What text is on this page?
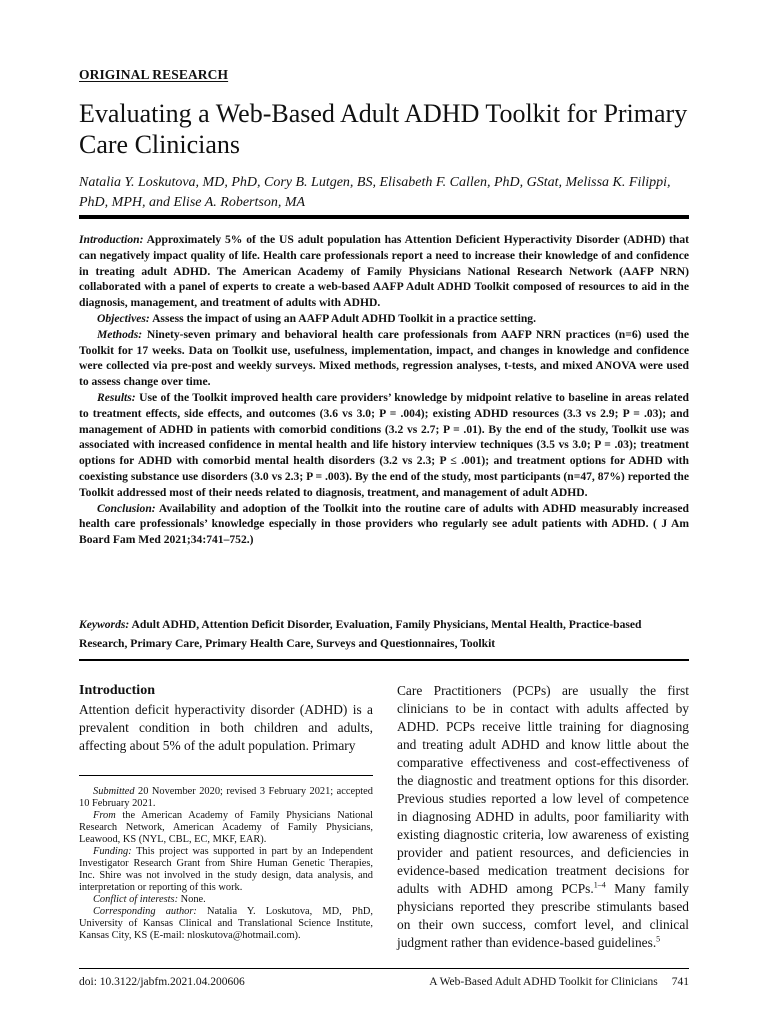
ORIGINAL RESEARCH
Evaluating a Web-Based Adult ADHD Toolkit for Primary Care Clinicians

Natalia Y. Loskutova, MD, PhD, Cory B. Lutgen, BS, Elisabeth F. Callen, PhD, GStat, Melissa K. Filippi, PhD, MPH, and Elise A. Robertson, MA

Introduction: Approximately 5% of the US adult population has Attention Deficient Hyperactivity Disorder (ADHD) that can negatively impact quality of life. Health care professionals report a need to increase their knowledge of and confidence in treating adult ADHD. The American Academy of Family Physicians National Research Network (AAFP NRN) collaborated with a panel of experts to create a web-based AAFP Adult ADHD Toolkit composed of resources to aid in the diagnosis, management, and treatment of adults with ADHD.

Objectives: Assess the impact of using an AAFP Adult ADHD Toolkit in a practice setting.

Methods: Ninety-seven primary and behavioral health care professionals from AAFP NRN practices (n=6) used the Toolkit for 17 weeks. Data on Toolkit use, usefulness, implementation, impact, and changes in knowledge and confidence were collected via pre-post and weekly surveys. Mixed methods, regression analyses, t-tests, and mixed ANOVA were used to assess change over time.

Results: Use of the Toolkit improved health care providers’ knowledge by midpoint relative to baseline in areas related to treatment effects, side effects, and outcomes (3.6 vs 3.0; P = .004); existing ADHD resources (3.3 vs 2.9; P = .03); and management of ADHD in patients with comorbid conditions (3.2 vs 2.7; P = .01). By the end of the study, Toolkit use was associated with increased confidence in mental health and life history interview techniques (3.5 vs 3.0; P = .03); treatment options for ADHD with comorbid mental health disorders (3.2 vs 2.3; P ≤ .001); and treatment options for ADHD with coexisting substance use disorders (3.0 vs 2.3; P = .003). By the end of the study, most participants (n=47, 87%) reported the Toolkit addressed most of their needs related to diagnosis, treatment, and management of adult ADHD.

Conclusion: Availability and adoption of the Toolkit into the routine care of adults with ADHD measurably increased health care professionals’ knowledge especially in those providers who regularly see adult patients with ADHD. ( J Am Board Fam Med 2021;34:741–752.)

Keywords: Adult ADHD, Attention Deficit Disorder, Evaluation, Family Physicians, Mental Health, Practice-based Research, Primary Care, Primary Health Care, Surveys and Questionnaires, Toolkit
Introduction

Attention deficit hyperactivity disorder (ADHD) is a prevalent condition in both children and adults, affecting about 5% of the adult population. Primary

Submitted 20 November 2020; revised 3 February 2021; accepted 10 February 2021.

From the American Academy of Family Physicians National Research Network, American Academy of Family Physicians, Leawood, KS (NYL, CBL, EC, MKF, EAR).

Funding: This project was supported in part by an Independent Investigator Research Grant from Shire Human Genetic Therapies, Inc. Shire was not involved in the study design, data analysis, and interpretation or reporting of this work.

Conflict of interests: None.

Corresponding author: Natalia Y. Loskutova, MD, PhD, University of Kansas Clinical and Translational Science Institute, Kansas City, KS (E-mail: nloskutova@hotmail.com).

Care Practitioners (PCPs) are usually the first clinicians to be in contact with adults affected by ADHD. PCPs receive little training for diagnosing and treating adult ADHD and know little about the comparative effectiveness and cost-effectiveness of the diagnostic and treatment options for this disorder. Previous studies reported a low level of competence in diagnosing ADHD in adults, poor familiarity with existing diagnostic criteria, low awareness of existing provider and patient resources, and deficiencies in evidence-based medication treatment decisions for adults with ADHD among PCPs.$^{1-4}$ Many family physicians reported they prescribe stimulants based on their own success, comfort level, and clinical judgment rather than evidence-based guidelines.$^5$

doi: 10.3122/jabfm.2021.04.200606	A Web-Based Adult ADHD Toolkit for Clinicians 741
